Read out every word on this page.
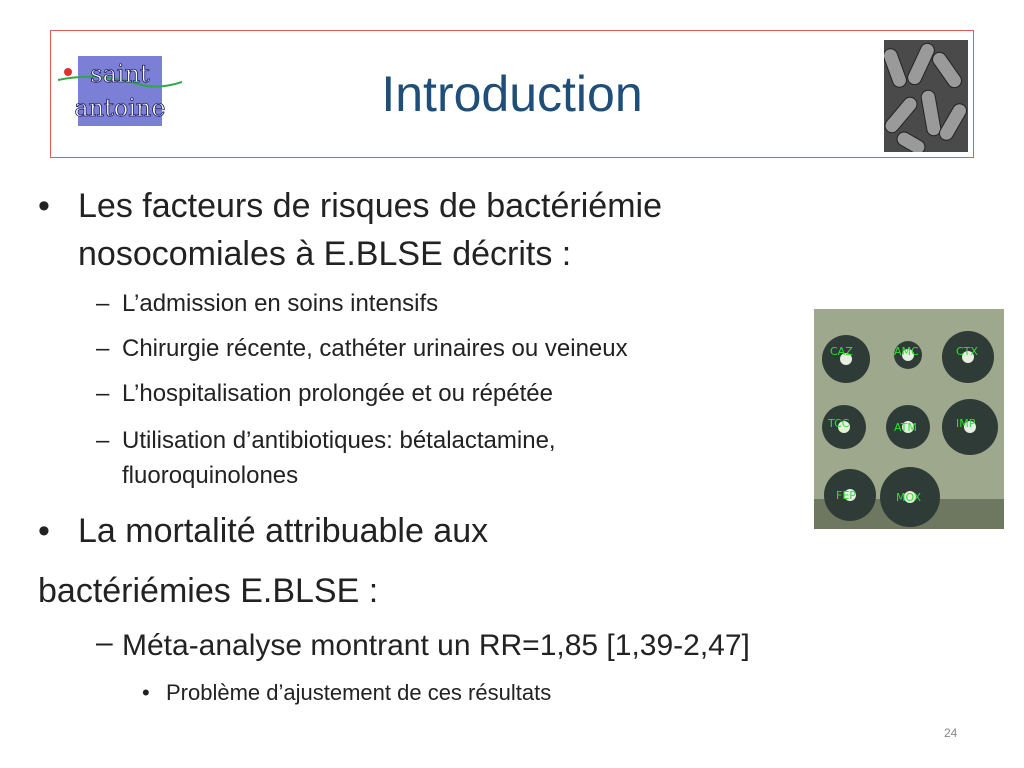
Introduction
saint
antoine
CAZ	AMC	CTX
TCC	ATM	IMP
FEP	MOX
• Les facteurs de risques de bactériémie
nosocomiales à E.BLSE décrits :
– L’admission en soins intensifs
– Chirurgie récente, cathéter urinaires ou veineux
– L’hospitalisation prolongée et ou répétée
– Utilisation d’antibiotiques: bétalactamine,
fluoroquinolones
• La mortalité attribuable aux
bactériémies E.BLSE :
– Méta-analyse montrant un RR=1,85 [1,39-2,47]
• Problème d’ajustement de ces résultats
24
